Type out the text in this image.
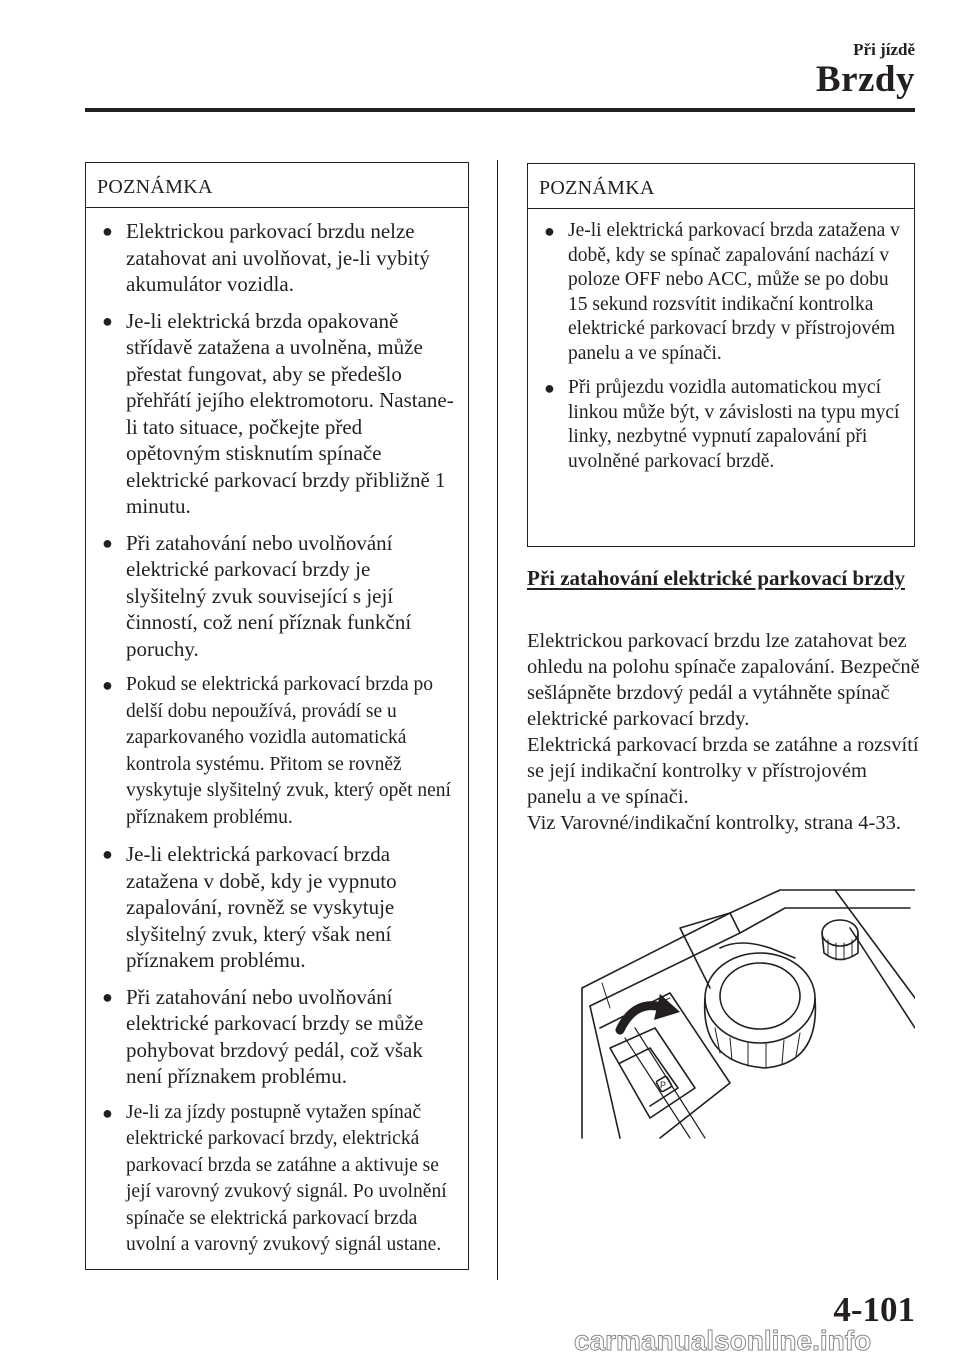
Při jízdě
Brzdy
POZNÁMKA
● Elektrickou parkovací brzdu nelze zatahovat ani uvolňovat, je-li vybitý akumulátor vozidla.
● Je-li elektrická brzda opakovaně střídavě zatažena a uvolněna, může přestat fungovat, aby se předešlo přehřátí jejího elektromotoru. Nastane-li tato situace, počkejte před opětovným stisknutím spínače elektrické parkovací brzdy přibližně 1 minutu.
● Při zatahování nebo uvolňování elektrické parkovací brzdy je slyšitelný zvuk související s její činností, což není příznak funkční poruchy.
● Pokud se elektrická parkovací brzda po delší dobu nepoužívá, provádí se u zaparkovaného vozidla automatická kontrola systému. Přitom se rovněž vyskytuje slyšitelný zvuk, který opět není příznakem problému.
● Je-li elektrická parkovací brzda zatažena v době, kdy je vypnuto zapalování, rovněž se vyskytuje slyšitelný zvuk, který však není příznakem problému.
● Při zatahování nebo uvolňování elektrické parkovací brzdy se může pohybovat brzdový pedál, což však není příznakem problému.
● Je-li za jízdy postupně vytažen spínač elektrické parkovací brzdy, elektrická parkovací brzda se zatáhne a aktivuje se její varovný zvukový signál. Po uvolnění spínače se elektrická parkovací brzda uvolní a varovný zvukový signál ustane.
POZNÁMKA
● Je-li elektrická parkovací brzda zatažena v době, kdy se spínač zapalování nachází v poloze OFF nebo ACC, může se po dobu 15 sekund rozsvítit indikační kontrolka elektrické parkovací brzdy v přístrojovém panelu a ve spínači.
● Při průjezdu vozidla automatickou mycí linkou může být, v závislosti na typu mycí linky, nezbytné vypnutí zapalování při uvolněné parkovací brzdě.
Při zatahování elektrické parkovací brzdy

Elektrickou parkovací brzdu lze zatahovat bez ohledu na polohu spínače zapalování. Bezpečně sešlápněte brzdový pedál a vytáhněte spínač elektrické parkovací brzdy.

Elektrická parkovací brzda se zatáhne a rozsvítí se její indikační kontrolky v přístrojovém panelu a ve spínači.

Viz Varovné/indikační kontrolky, strana 4-33.

P
4-101
carmanualsonline.info
